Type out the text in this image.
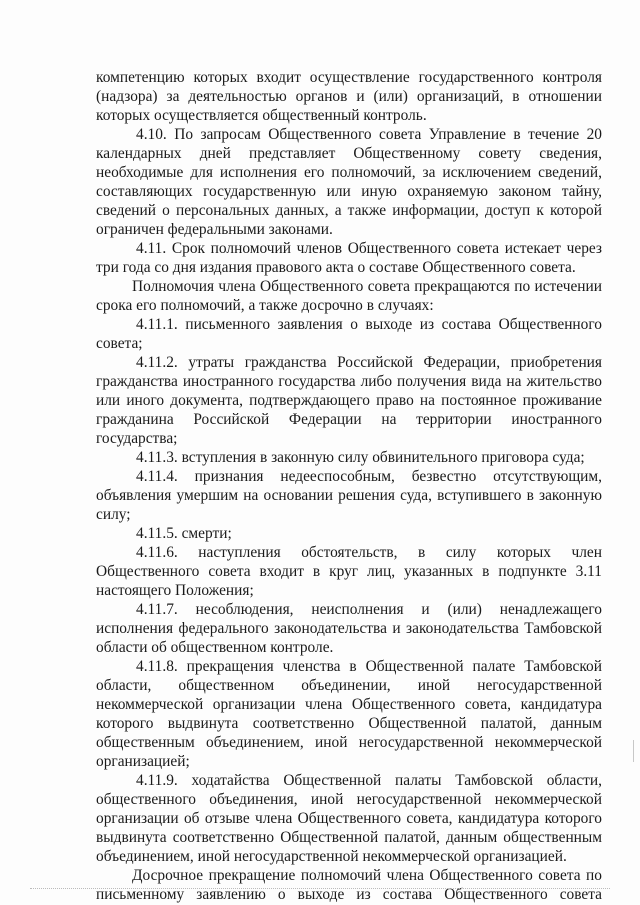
компетенцию которых входит осуществление государственного контроля
(надзора) за деятельностью органов и (или) организаций, в отношении
которых осуществляется общественный контроль.
4.10. По запросам Общественного совета Управление в течение 20
календарных дней представляет Общественному совету сведения,
необходимые для исполнения его полномочий, за исключением сведений,
составляющих государственную или иную охраняемую законом тайну,
сведений о персональных данных, а также информации, доступ к которой
ограничен федеральными законами.
4.11. Срок полномочий членов Общественного совета истекает через
три года со дня издания правового акта о составе Общественного совета.
Полномочия члена Общественного совета прекращаются по истечении
срока его полномочий, а также досрочно в случаях:
4.11.1. письменного заявления о выходе из состава Общественного
совета;
4.11.2. утраты гражданства Российской Федерации, приобретения
гражданства иностранного государства либо получения вида на жительство
или иного документа, подтверждающего право на постоянное проживание
гражданина Российской Федерации на территории иностранного
государства;
4.11.3. вступления в законную силу обвинительного приговора суда;
4.11.4. признания недееспособным, безвестно отсутствующим,
объявления умершим на основании решения суда, вступившего в законную
силу;
4.11.5. смерти;
4.11.6. наступления обстоятельств, в силу которых член
Общественного совета входит в круг лиц, указанных в подпункте 3.11
настоящего Положения;
4.11.7. несоблюдения, неисполнения и (или) ненадлежащего
исполнения федерального законодательства и законодательства Тамбовской
области об общественном контроле.
4.11.8. прекращения членства в Общественной палате Тамбовской
области, общественном объединении, иной негосударственной
некоммерческой организации члена Общественного совета, кандидатура
которого выдвинута соответственно Общественной палатой, данным
общественным объединением, иной негосударственной некоммерческой
организацией;
4.11.9. ходатайства Общественной палаты Тамбовской области,
общественного объединения, иной негосударственной некоммерческой
организации об отзыве члена Общественного совета, кандидатура которого
выдвинута соответственно Общественной палатой, данным общественным
объединением, иной негосударственной некоммерческой организацией.
Досрочное прекращение полномочий члена Общественного совета по
письменному заявлению о выходе из состава Общественного совета
